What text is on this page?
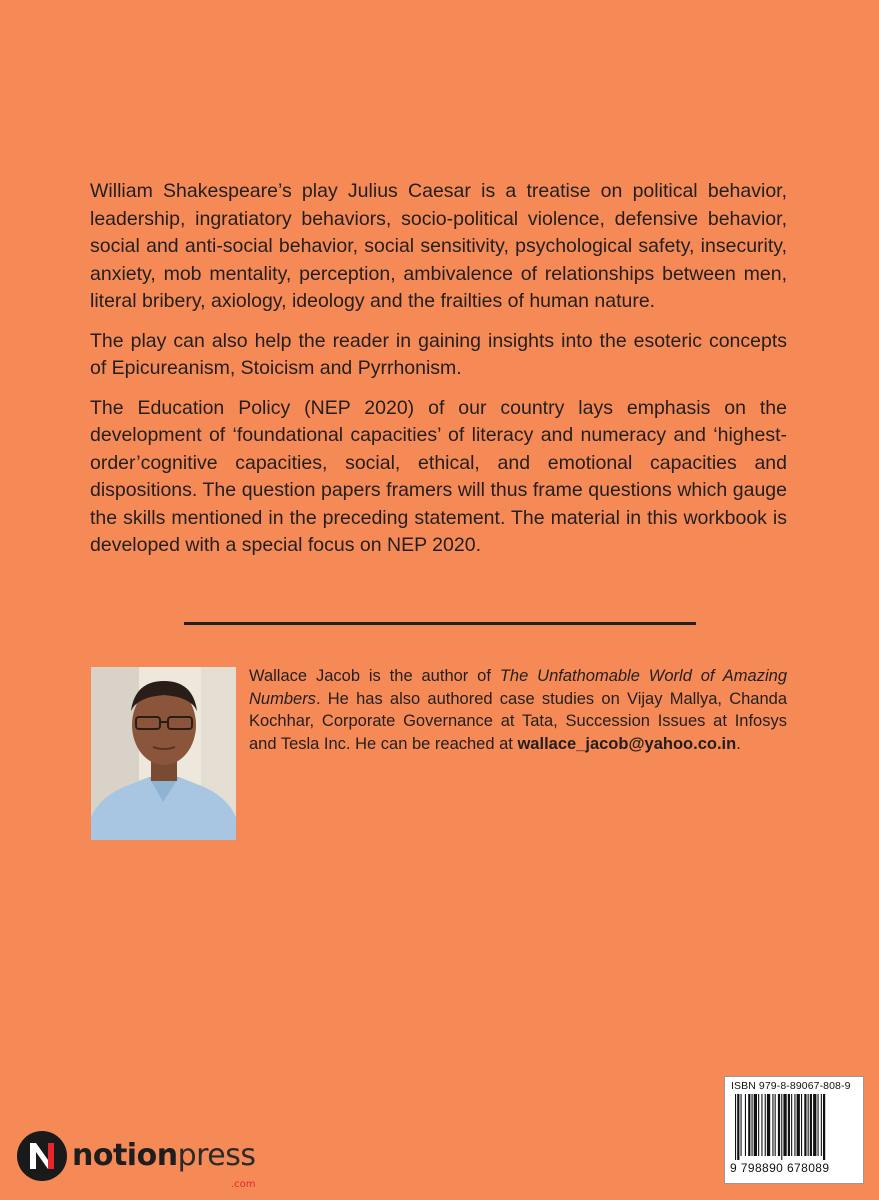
William Shakespeare’s play Julius Caesar is a treatise on political behavior, leadership, ingratiatory behaviors, socio-political violence, defensive behavior, social and anti-social behavior, social sensitivity, psychological safety, insecurity, anxiety, mob mentality, perception, ambivalence of relationships between men, literal bribery, axiology, ideology and the frailties of human nature.

The play can also help the reader in gaining insights into the esoteric concepts of Epicureanism, Stoicism and Pyrrhonism.

The Education Policy (NEP 2020) of our country lays emphasis on the development of ‘foundational capacities’ of literacy and numeracy and ‘highest-order’cognitive capacities, social, ethical, and emotional capacities and dispositions. The question papers framers will thus frame questions which gauge the skills mentioned in the preceding statement. The material in this workbook is developed with a special focus on NEP 2020.

Wallace Jacob is the author of The Unfathomable World of Amazing Numbers. He has also authored case studies on Vijay Mallya, Chanda Kochhar, Corporate Governance at Tata, Succession Issues at Infosys and Tesla Inc. He can be reached at wallace_jacob@yahoo.co.in.
notionpress
.com
ISBN 979-8-89067-808-9
9 798890 678089
